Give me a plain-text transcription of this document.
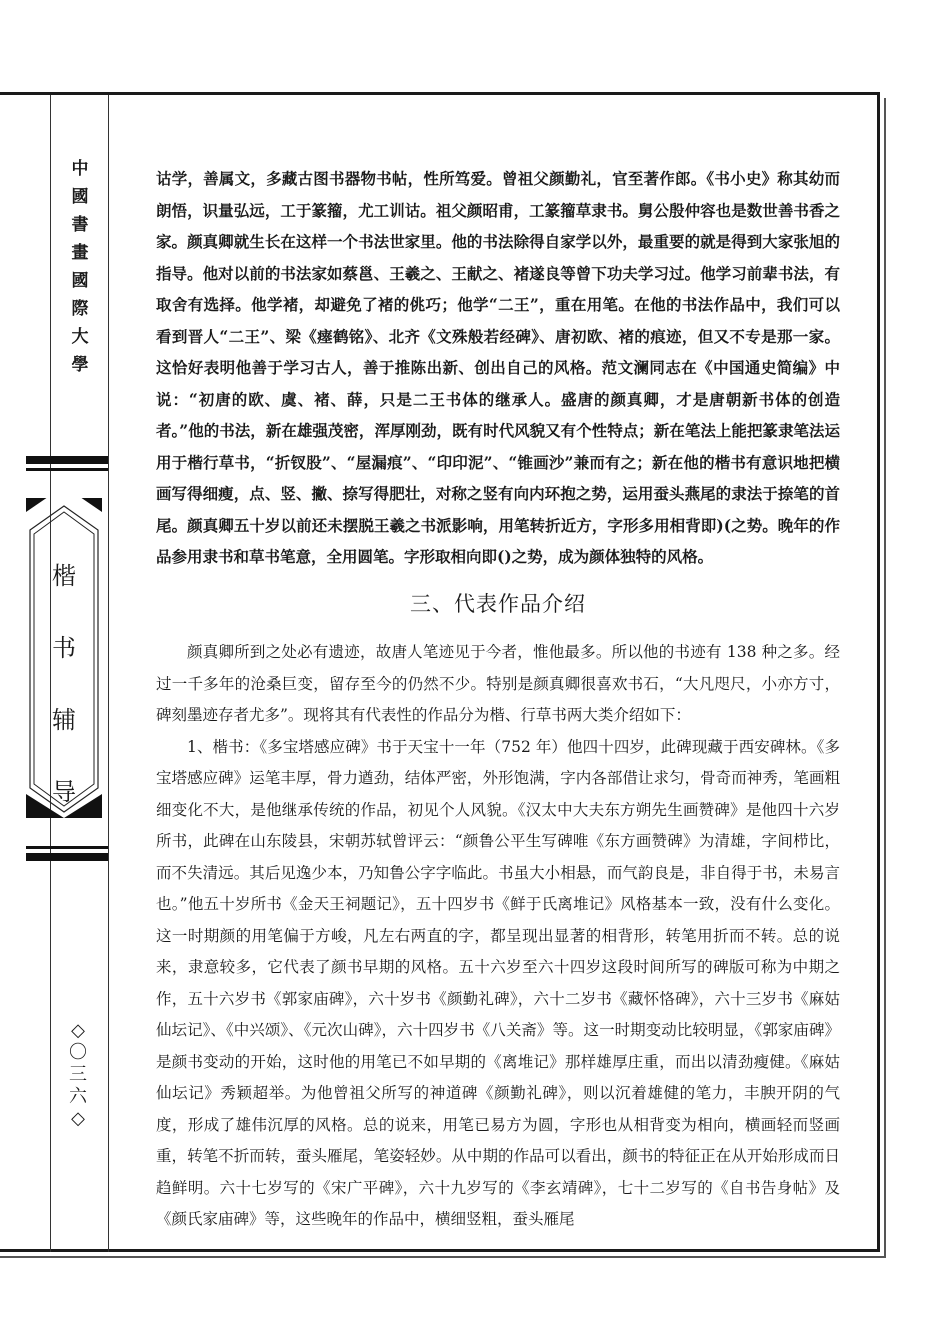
中
國
書
畫
國
際
大
學
楷
书
辅
导
◇
〇
三
六
◇

诂学，善属文，多藏古图书器物书帖，性所笃爱。曾祖父颜勤礼，官至著作郎。《书小史》称其幼而朗悟，识量弘远，工于篆籀，尤工训诂。祖父颜昭甫，工篆籀草隶书。舅公殷仲容也是数世善书香之家。颜真卿就生长在这样一个书法世家里。他的书法除得自家学以外，最重要的就是得到大家张旭的指导。他对以前的书法家如蔡邕、王羲之、王献之、褚遂良等曾下功夫学习过。他学习前辈书法，有取舍有选择。他学褚，却避免了褚的佻巧；他学“二王”，重在用笔。在他的书法作品中，我们可以看到晋人“二王”、梁《瘗鹤铭》、北齐《文殊般若经碑》、唐初欧、褚的痕迹，但又不专是那一家。这恰好表明他善于学习古人，善于推陈出新、创出自己的风格。范文澜同志在《中国通史简编》中说：“初唐的欧、虞、褚、薛，只是二王书体的继承人。盛唐的颜真卿，才是唐朝新书体的创造者。”他的书法，新在雄强茂密，浑厚刚劲，既有时代风貌又有个性特点；新在笔法上能把篆隶笔法运用于楷行草书，“折钗股”、“屋漏痕”、“印印泥”、“锥画沙”兼而有之；新在他的楷书有意识地把横画写得细瘦，点、竖、撇、捺写得肥壮，对称之竖有向内环抱之势，运用蚕头燕尾的隶法于捺笔的首尾。颜真卿五十岁以前还未摆脱王羲之书派影响，用笔转折近方，字形多用相背即)(之势。晚年的作品参用隶书和草书笔意，全用圆笔。字形取相向即()之势，成为颜体独特的风格。

三、代表作品介绍

颜真卿所到之处必有遗迹，故唐人笔迹见于今者，惟他最多。所以他的书迹有 138 种之多。经过一千多年的沧桑巨变，留存至今的仍然不少。特别是颜真卿很喜欢书石，“大凡咫尺，小亦方寸，碑刻墨迹存者尤多”。现将其有代表性的作品分为楷、行草书两大类介绍如下：

1、楷书：《多宝塔感应碑》书于天宝十一年（752 年）他四十四岁，此碑现藏于西安碑林。《多宝塔感应碑》运笔丰厚，骨力遒劲，结体严密，外形饱满，字内各部借让求匀，骨奇而神秀，笔画粗细变化不大，是他继承传统的作品，初见个人风貌。《汉太中大夫东方朔先生画赞碑》是他四十六岁所书，此碑在山东陵县，宋朝苏轼曾评云：“颜鲁公平生写碑唯《东方画赞碑》为清雄，字间栉比，而不失清远。其后见逸少本，乃知鲁公字字临此。书虽大小相悬，而气韵良是，非自得于书，未易言也。”他五十岁所书《金天王祠题记》，五十四岁书《鲜于氏离堆记》风格基本一致，没有什么变化。这一时期颜的用笔偏于方峻，凡左右两直的字，都呈现出显著的相背形，转笔用折而不转。总的说来，隶意较多，它代表了颜书早期的风格。五十六岁至六十四岁这段时间所写的碑版可称为中期之作，五十六岁书《郭家庙碑》，六十岁书《颜勤礼碑》，六十二岁书《藏怀恪碑》，六十三岁书《麻姑仙坛记》、《中兴颂》、《元次山碑》，六十四岁书《八关斋》等。这一时期变动比较明显，《郭家庙碑》是颜书变动的开始，这时他的用笔已不如早期的《离堆记》那样雄厚庄重，而出以清劲瘦健。《麻姑仙坛记》秀颖超举。为他曾祖父所写的神道碑《颜勤礼碑》，则以沉着雄健的笔力，丰腴开阴的气度，形成了雄伟沉厚的风格。总的说来，用笔已易方为圆，字形也从相背变为相向，横画轻而竖画重，转笔不折而转，蚕头雁尾，笔姿轻妙。从中期的作品可以看出，颜书的特征正在从开始形成而日趋鲜明。六十七岁写的《宋广平碑》，六十九岁写的《李玄靖碑》，七十二岁写的《自书告身帖》及《颜氏家庙碑》等，这些晚年的作品中，横细竖粗，蚕头雁尾
